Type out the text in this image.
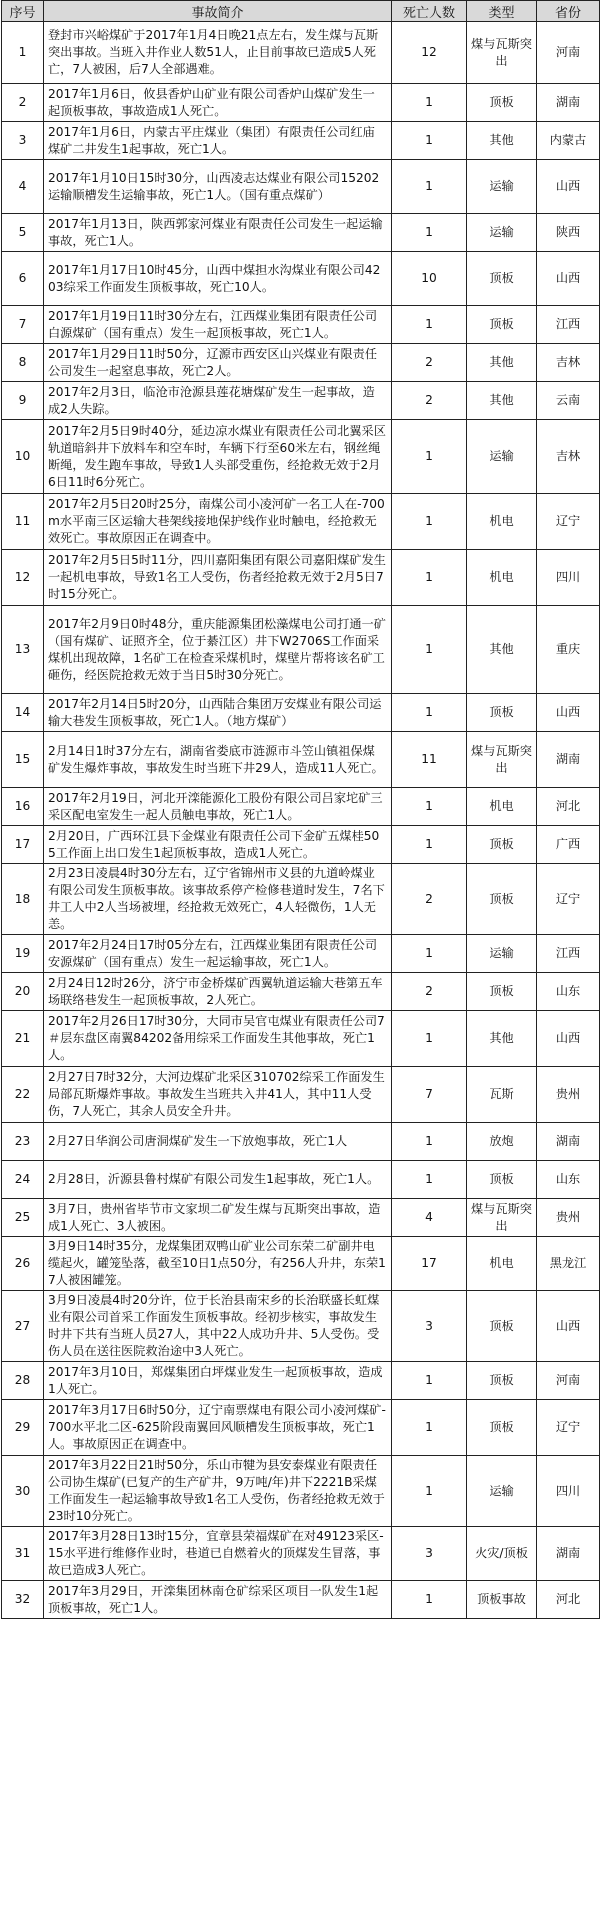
序号	事故简介	死亡人数	类型	省份
1	登封市兴峪煤矿于2017年1月4日晚21点左右，发生煤与瓦斯突出事故。当班入井作业人数51人，止目前事故已造成5人死亡，7人被困，后7人全部遇难。	12	煤与瓦斯突出	河南
2	2017年1月6日，攸县香炉山矿业有限公司香炉山煤矿发生一起顶板事故，事故造成1人死亡。	1	顶板	湖南
3	2017年1月6日，内蒙古平庄煤业（集团）有限责任公司红庙煤矿二井发生1起事故，死亡1人。	1	其他	内蒙古
4	2017年1月10日15时30分，山西凌志达煤业有限公司15202运输顺槽发生运输事故，死亡1人。（国有重点煤矿）	1	运输	山西
5	2017年1月13日，陕西郭家河煤业有限责任公司发生一起运输事故，死亡1人。	1	运输	陕西
6	2017年1月17日10时45分，山西中煤担水沟煤业有限公司4203综采工作面发生顶板事故，死亡10人。	10	顶板	山西
7	2017年1月19日11时30分左右，江西煤业集团有限责任公司白源煤矿（国有重点）发生一起顶板事故，死亡1人。	1	顶板	江西
8	2017年1月29日11时50分，辽源市西安区山兴煤业有限责任公司发生一起窒息事故，死亡2人。	2	其他	吉林
9	2017年2月3日，临沧市沧源县莲花塘煤矿发生一起事故，造成2人失踪。	2	其他	云南
10	2017年2月5日9时40分，延边凉水煤业有限责任公司北翼采区轨道暗斜井下放料车和空车时，车辆下行至60米左右，钢丝绳断绳，发生跑车事故，导致1人头部受重伤，经抢救无效于2月6日11时6分死亡。	1	运输	吉林
11	2017年2月5日20时25分，南煤公司小凌河矿一名工人在-700m水平南三区运输大巷架线接地保护线作业时触电，经抢救无效死亡。事故原因正在调查中。	1	机电	辽宁
12	2017年2月5日5时11分，四川嘉阳集团有限公司嘉阳煤矿发生一起机电事故，导致1名工人受伤，伤者经抢救无效于2月5日7时15分死亡。	1	机电	四川
13	2017年2月9日0时48分，重庆能源集团松藻煤电公司打通一矿（国有煤矿、证照齐全，位于綦江区）井下W2706S工作面采煤机出现故障，1名矿工在检查采煤机时，煤壁片帮将该名矿工砸伤，经医院抢救无效于当日5时30分死亡。	1	其他	重庆
14	2017年2月14日5时20分，山西陆合集团万安煤业有限公司运输大巷发生顶板事故，死亡1人。（地方煤矿）	1	顶板	山西
15	2月14日1时37分左右，湖南省娄底市涟源市斗笠山镇祖保煤矿发生爆炸事故，事故发生时当班下井29人，造成11人死亡。	11	煤与瓦斯突出	湖南
16	2017年2月19日，河北开滦能源化工股份有限公司吕家坨矿三采区配电室发生一起人员触电事故，死亡1人。	1	机电	河北
17	2月20日，广西环江县下金煤业有限责任公司下金矿五煤桂505工作面上出口发生1起顶板事故，造成1人死亡。	1	顶板	广西
18	2月23日凌晨4时30分左右，辽宁省锦州市义县的九道岭煤业有限公司发生顶板事故。该事故系停产检修巷道时发生，7名下井工人中2人当场被埋，经抢救无效死亡，4人轻微伤，1人无恙。	2	顶板	辽宁
19	2017年2月24日17时05分左右，江西煤业集团有限责任公司安源煤矿（国有重点）发生一起运输事故，死亡1人。	1	运输	江西
20	2月24日12时26分，济宁市金桥煤矿西翼轨道运输大巷第五车场联络巷发生一起顶板事故，2人死亡。	2	顶板	山东
21	2017年2月26日17时30分，大同市吴官屯煤业有限责任公司7＃层东盘区南翼84202备用综采工作面发生其他事故，死亡1人。	1	其他	山西
22	2月27日7时32分，大河边煤矿北采区310702综采工作面发生局部瓦斯爆炸事故。事故发生当班共入井41人，其中11人受伤，7人死亡，其余人员安全升井。	7	瓦斯	贵州
23	2月27日华润公司唐洞煤矿发生一下放炮事故，死亡1人	1	放炮	湖南
24	2月28日，沂源县鲁村煤矿有限公司发生1起事故，死亡1人。	1	顶板	山东
25	3月7日，贵州省毕节市文家坝二矿发生煤与瓦斯突出事故，造成1人死亡、3人被困。	4	煤与瓦斯突出	贵州
26	3月9日14时35分，龙煤集团双鸭山矿业公司东荣二矿副井电缆起火，罐笼坠落，截至10日1点50分，有256人升井，东荣17人被困罐笼。	17	机电	黑龙江
27	3月9日凌晨4时20分许，位于长治县南宋乡的长治联盛长虹煤业有限公司首采工作面发生顶板事故。经初步核实，事故发生时井下共有当班人员27人，其中22人成功升井、5人受伤。受伤人员在送往医院救治途中3人死亡。	3	顶板	山西
28	2017年3月10日，郑煤集团白坪煤业发生一起顶板事故，造成1人死亡。	1	顶板	河南
29	2017年3月17日6时50分，辽宁南票煤电有限公司小凌河煤矿-700水平北二区-625阶段南翼回风顺槽发生顶板事故，死亡1人。事故原因正在调查中。	1	顶板	辽宁
30	2017年3月22日21时50分，乐山市犍为县安泰煤业有限责任公司协生煤矿(已复产的生产矿井，9万吨/年)井下2221B采煤工作面发生一起运输事故导致1名工人受伤，伤者经抢救无效于23时10分死亡。	1	运输	四川
31	2017年3月28日13时15分，宜章县荣福煤矿在对49123采区-15水平进行维修作业时，巷道已自燃着火的顶煤发生冒落，事故已造成3人死亡。	3	火灾/顶板	湖南
32	2017年3月29日，开滦集团林南仓矿综采区项目一队发生1起顶板事故，死亡1人。	1	顶板事故	河北
